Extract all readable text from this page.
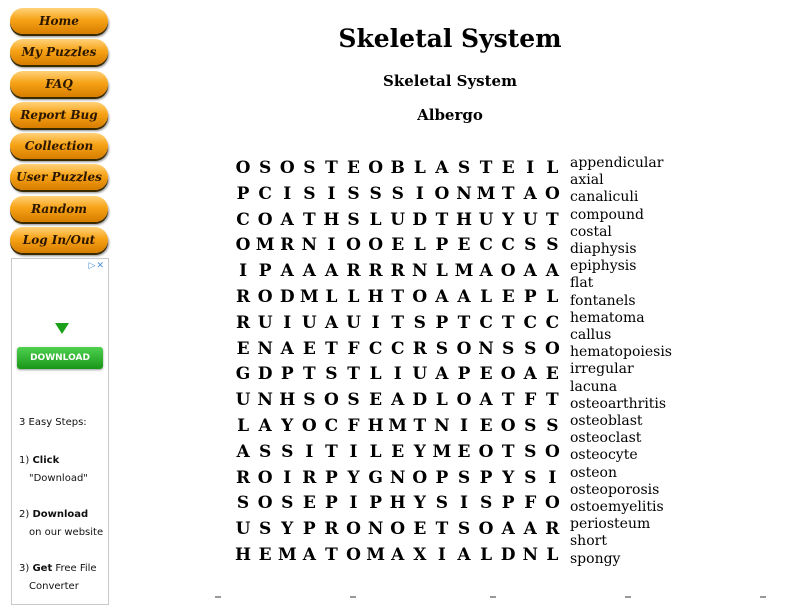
Home
My Puzzles
FAQ
Report Bug
Collection
User Puzzles
Random
Log In/Out
▷✕
DOWNLOAD
3 Easy Steps:
1) Click
"Download"
2) Download
on our website
3) Get Free File
Converter
Skeletal System
Skeletal System
Albergo
O S O S T E O B L A S T E I L
P C I S I S S S I O N M T A O
C O A T H S L U D T H U Y U T
O M R N I O O E L P E C C S S
I P A A A R R R N L M A O A A
R O D M L L H T O A A L E P L
R U I U A U I T S P T C T C C
E N A E T F C C R S O N S S O
G D P T S T L I U A P E O A E
U N H S O S E A D L O A T F T
L A Y O C F H M T N I E O S S
A S S I T I L E Y M E O T S O
R O I R P Y G N O P S P Y S I
S O S E P I P H Y S I S P F O
U S Y P R O N O E T S O A A R
H E M A T O M A X I A L D N L
appendicular
axial
canaliculi
compound
costal
diaphysis
epiphysis
flat
fontanels
hematoma
callus
hematopoiesis
irregular
lacuna
osteoarthritis
osteoblast
osteoclast
osteocyte
osteon
osteoporosis
ostoemyelitis
periosteum
short
spongy
